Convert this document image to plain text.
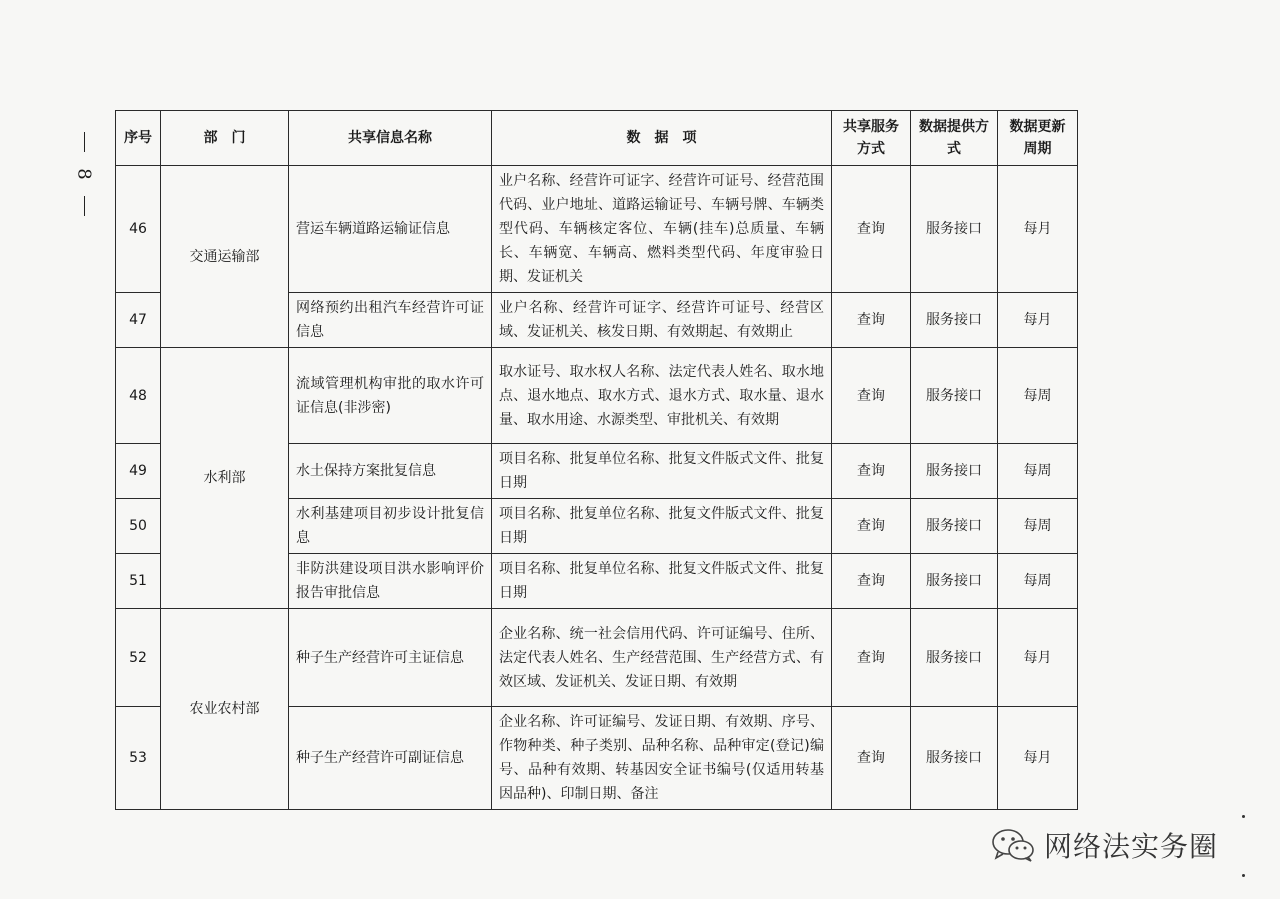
8
序号	部　门	共享信息名称	数　据　项	共享服务方式	数据提供方式	数据更新周期
46	交通运输部	营运车辆道路运输证信息	业户名称、经营许可证字、经营许可证号、经营范围代码、业户地址、道路运输证号、车辆号牌、车辆类型代码、车辆核定客位、车辆(挂车)总质量、车辆长、车辆宽、车辆高、燃料类型代码、年度审验日期、发证机关	查询	服务接口	每月
47		网络预约出租汽车经营许可证信息	业户名称、经营许可证字、经营许可证号、经营区域、发证机关、核发日期、有效期起、有效期止	查询	服务接口	每月
48	水利部	流域管理机构审批的取水许可证信息(非涉密)	取水证号、取水权人名称、法定代表人姓名、取水地点、退水地点、取水方式、退水方式、取水量、退水量、取水用途、水源类型、审批机关、有效期	查询	服务接口	每周
49		水土保持方案批复信息	项目名称、批复单位名称、批复文件版式文件、批复日期	查询	服务接口	每周
50		水利基建项目初步设计批复信息	项目名称、批复单位名称、批复文件版式文件、批复日期	查询	服务接口	每周
51		非防洪建设项目洪水影响评价报告审批信息	项目名称、批复单位名称、批复文件版式文件、批复日期	查询	服务接口	每周
52	农业农村部	种子生产经营许可主证信息	企业名称、统一社会信用代码、许可证编号、住所、法定代表人姓名、生产经营范围、生产经营方式、有效区域、发证机关、发证日期、有效期	查询	服务接口	每月
53		种子生产经营许可副证信息	企业名称、许可证编号、发证日期、有效期、序号、作物种类、种子类别、品种名称、品种审定(登记)编号、品种有效期、转基因安全证书编号(仅适用转基因品种)、印制日期、备注	查询	服务接口	每月
网络法实务圈
